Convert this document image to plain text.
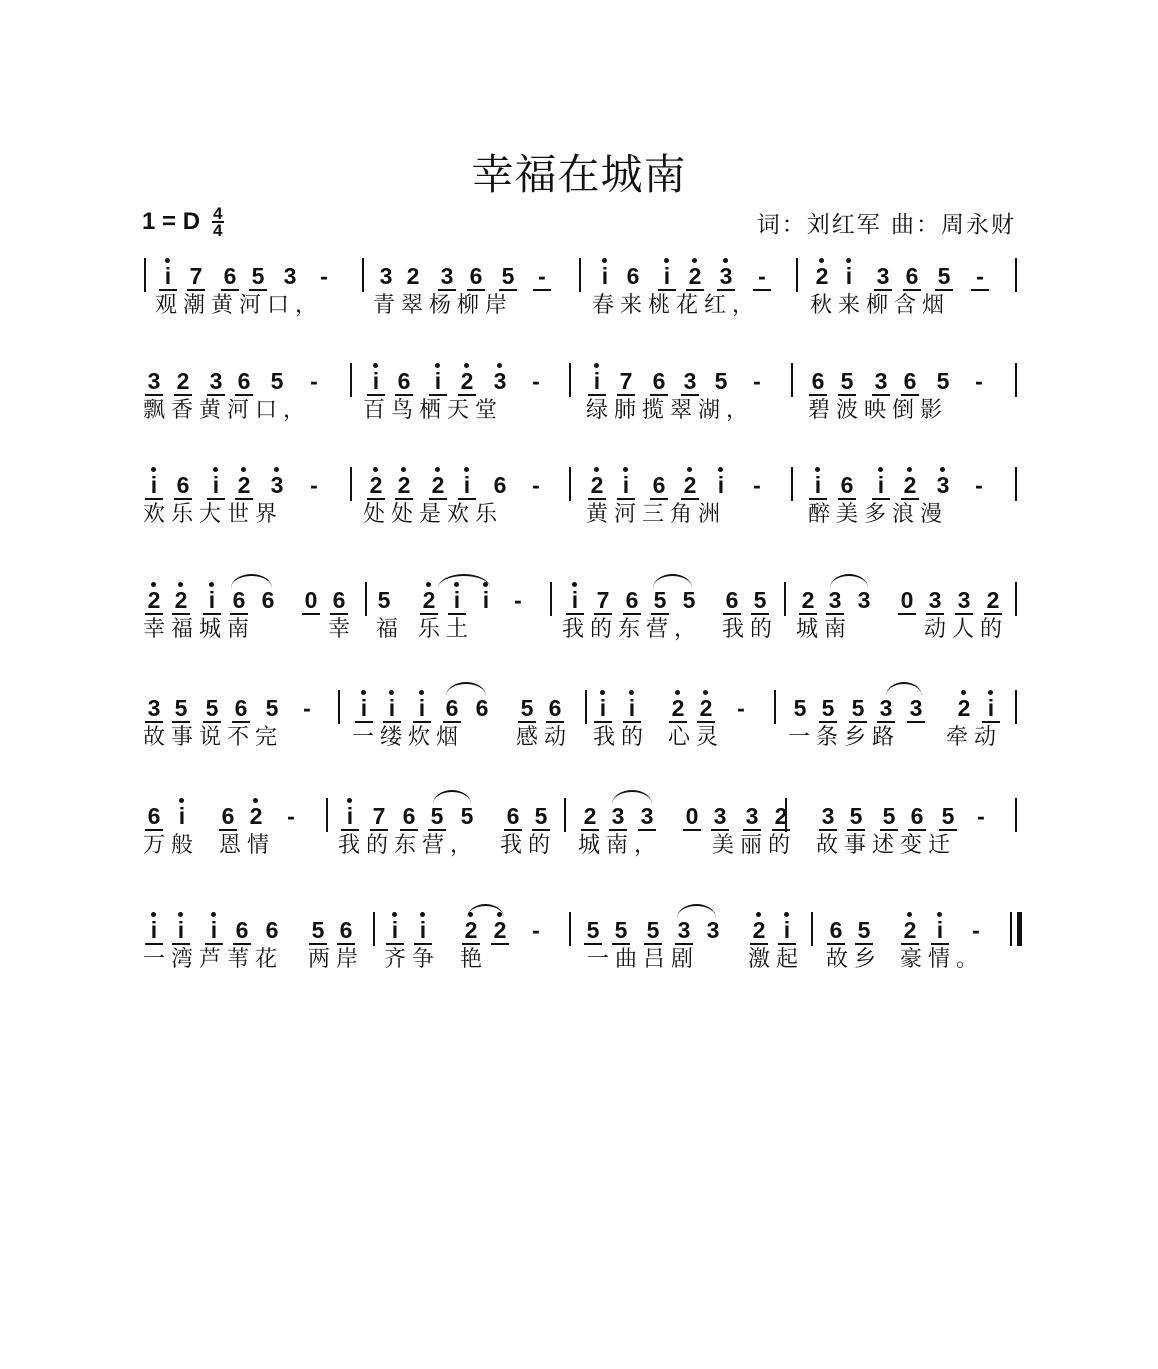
幸福在城南
1 = D 4
4	词：刘红军 曲：周永财
i 7 6 5 3 - 3 2 3 6 5 - i 6 i 2 3 - 2 i 3 6 5 -
观潮黄河口， 青翠杨柳岸	春来桃花红， 秋来柳含烟
3 2 3 6 5 - i 6 i 2 3 - i 7 6 3 5 - 6 5 3 6 5 -
飘香黄河口， 百鸟栖天堂	绿肺揽翠湖， 碧波映倒影
i 6 i 2 3 - 2 2 2 i 6 - 2 i 6 2 i - i 6 i 2 3 -
欢乐大世界	处处是欢乐	黄河三角洲	醉美多浪漫
2 2 i 6 6 0 6 5 2 i i - i 7 6 5 5 6 5 2 3 3 0 3 3 2
幸福城南	幸 福 乐土	我的东营， 我的 城南	动人的
3 5 5 6 5 - i i i 6 6 5 6 i i 2 2 - 5 5 5 3 3 2 i
故事说不完	一缕炊烟 感动 我的 心灵	一条乡路 牵动
6 i 6 2 - i 7 6 5 5 6 5 2 3 3 0 3 3 2 3 5 5 6 5 -
万般 恩情	我的东营， 我的 城南， 美丽的 故事述变迁
i i i 6 6 5 6 i i 2 2 - 5 5 5 3 3 2 i 6 5 2 i -
一湾芦苇花 两岸 齐争 艳	一曲吕剧 激起 故乡 豪情。
